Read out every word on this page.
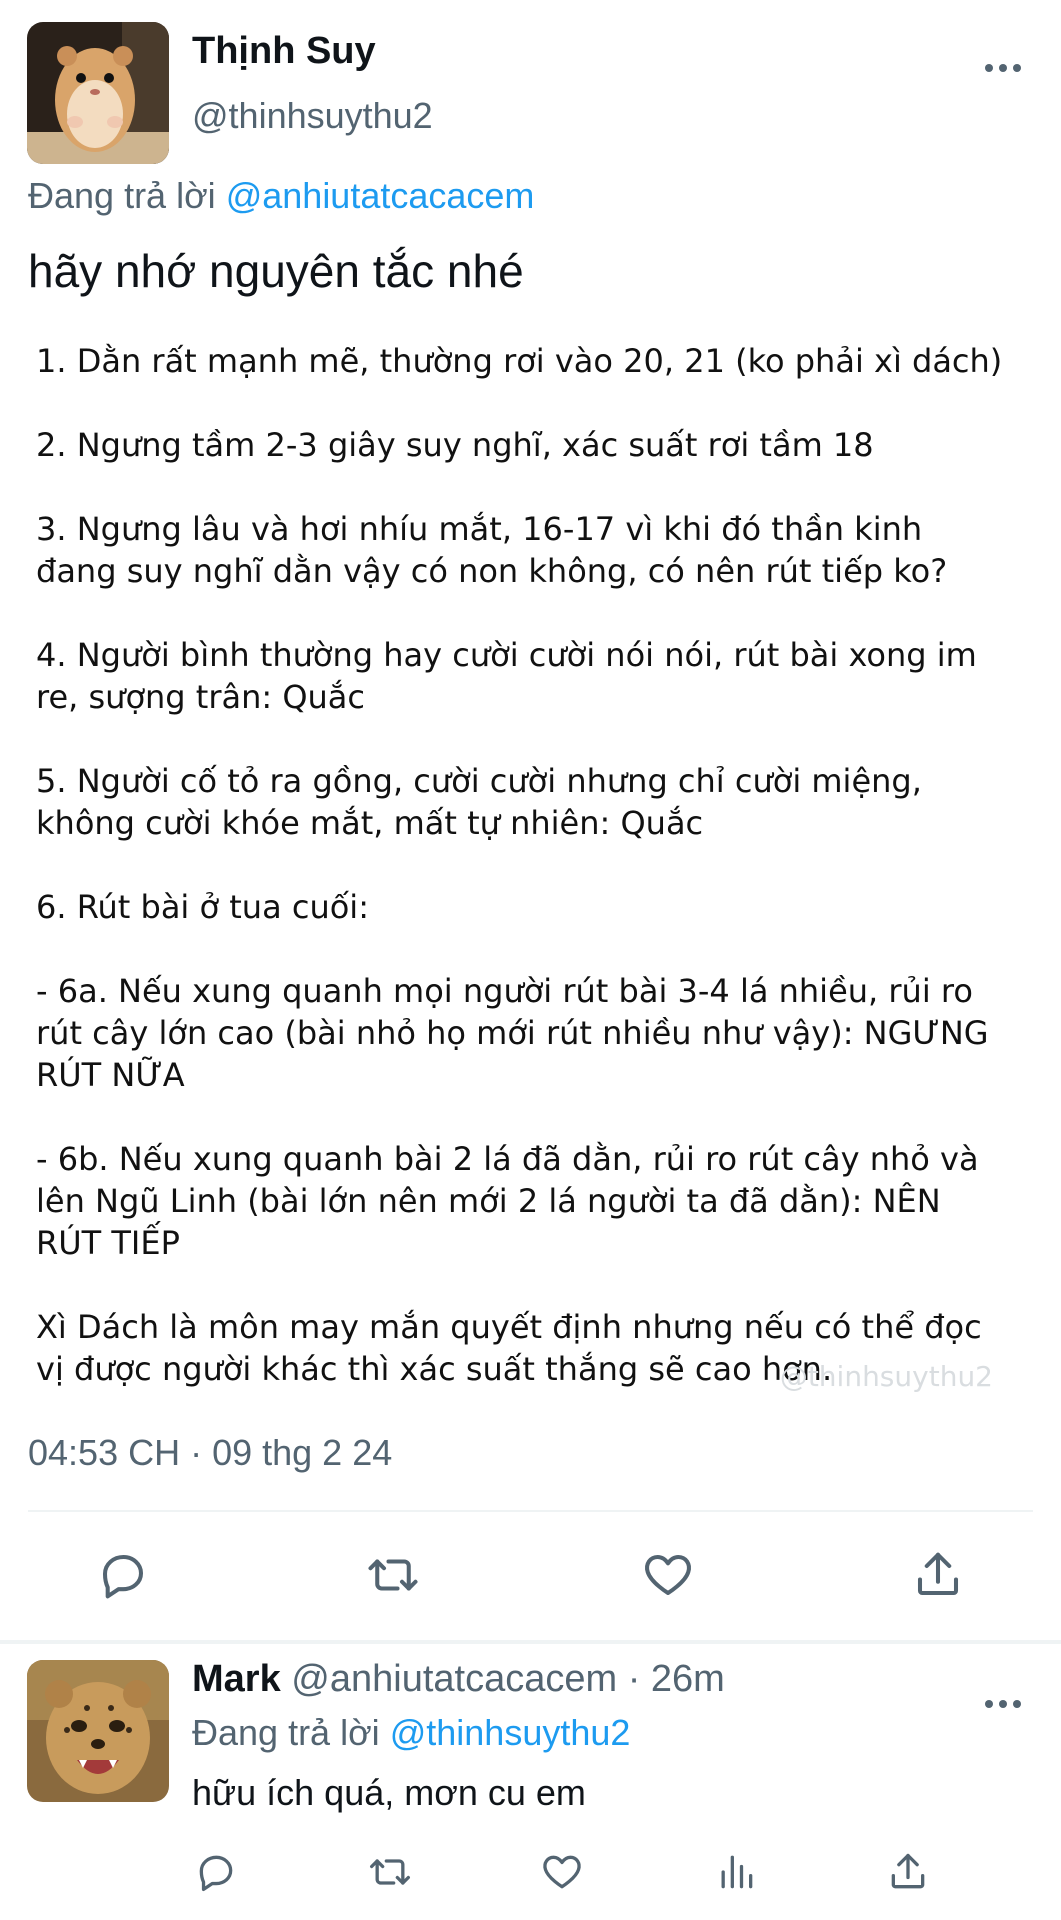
Thịnh Suy
@thinhsuythu2
Đang trả lời @anhiutatcacacem
hãy nhớ nguyên tắc nhé
1. Dằn rất mạnh mẽ, thường rơi vào 20, 21 (ko phải xì dách)
2. Ngưng tầm 2-3 giây suy nghĩ, xác suất rơi tầm 18
3. Ngưng lâu và hơi nhíu mắt, 16-17 vì khi đó thần kinh
đang suy nghĩ dằn vậy có non không, có nên rút tiếp ko?
4. Người bình thường hay cười cười nói nói, rút bài xong im
re, sượng trân: Quắc
5. Người cố tỏ ra gồng, cười cười nhưng chỉ cười miệng,
không cười khóe mắt, mất tự nhiên: Quắc
6. Rút bài ở tua cuối:
- 6a. Nếu xung quanh mọi người rút bài 3-4 lá nhiều, rủi ro
rút cây lớn cao (bài nhỏ họ mới rút nhiều như vậy): NGƯNG
RÚT NỮA
- 6b. Nếu xung quanh bài 2 lá đã dằn, rủi ro rút cây nhỏ và
lên Ngũ Linh (bài lớn nên mới 2 lá người ta đã dằn): NÊN
RÚT TIẾP
Xì Dách là môn may mắn quyết định nhưng nếu có thể đọc
vị được người khác thì xác suất thắng sẽ cao hơn.
@thinhsuythu2
04:53 CH · 09 thg 2 24
Mark @anhiutatcacacem · 26m
Đang trả lời @thinhsuythu2
hữu ích quá, mơn cu em
